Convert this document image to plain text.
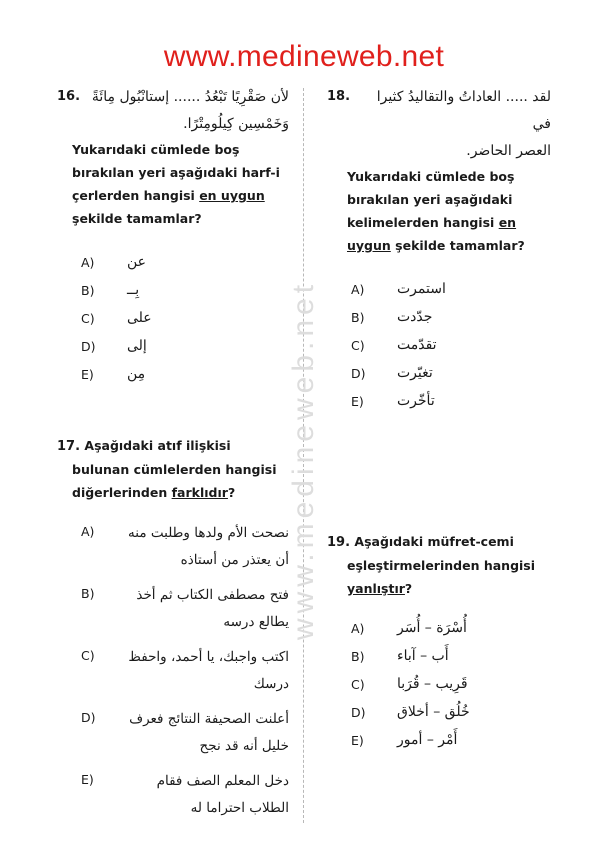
www.medineweb.net
www.medineweb.net
16. لأن صَقْرِيًا تَبْعُدُ ...... إستانْبُول مِائَةً
وَخَمْسِين كِيلُومِتْرًا.

Yukarıdaki cümlede boş bırakılan yeri aşağıdaki harf-i çerlerden hangisi en uygun şekilde tamamlar?

A)	عن
B)	بِــ
C)	على
D)	إلى
E)	مِن

17. Aşağıdaki atıf ilişkisi bulunan cümlelerden hangisi diğerlerinden farklıdır?

A)	نصحت الأم ولدها وطلبت منه أن يعتذر من أستاذه
B)	فتح مصطفى الكتاب ثم أخذ يطالع درسه
C)	اكتب واجبك، يا أحمد، واحفظ درسك
D)	أعلنت الصحيفة النتائج فعرف خليل أنه قد نجح
E)	دخل المعلم الصف فقام الطلاب احتراما له
18.	لقد ..... العاداتُ والتقاليدُ كثيرا في
العصر الحاضر.

Yukarıdaki cümlede boş bırakılan yeri aşağıdaki kelimelerden hangisi en uygun şekilde tamamlar?

A)	استمرت
B)	جدّدت
C)	تقدّمت
D)	تغيّرت
E)	تأخّرت

19. Aşağıdaki müfret-cemi eşleştirmelerinden hangisi yanlıştır?

A)	أُسْرَة – أُسَر
B)	أَب – آباء
C)	قَرِيب – قُرَبا
D)	خُلُق – أخلاق
E)	أَمْر – أمور
